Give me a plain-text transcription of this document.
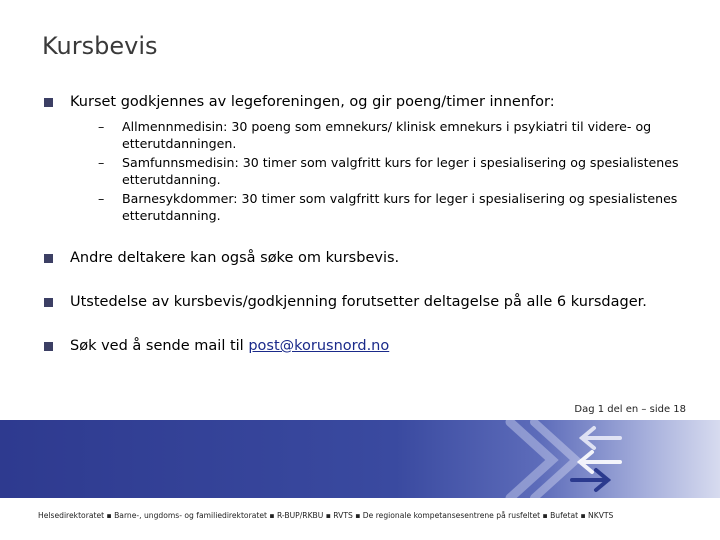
Kursbevis
Kurset godkjennes av legeforeningen, og gir poeng/timer innenfor:
– Allmennmedisin: 30 poeng som emnekurs/ klinisk emnekurs i psykiatri til videre- og etterutdanningen.
– Samfunnsmedisin: 30 timer som valgfritt kurs for leger i spesialisering og spesialistenes etterutdanning.
– Barnesykdommer: 30 timer som valgfritt kurs for leger i spesialisering og spesialistenes etterutdanning.
Andre deltakere kan også søke om kursbevis.
Utstedelse av kursbevis/godkjenning forutsetter deltagelse på alle 6 kursdager.
Søk ved å sende mail til post@korusnord.no
Dag 1 del en – side 18
Helsedirektoratet ▪ Barne-, ungdoms- og familiedirektoratet ▪ R-BUP/RKBU ▪ RVTS ▪ De regionale kompetansesentrene på rusfeltet ▪ Bufetat ▪ NKVTS
